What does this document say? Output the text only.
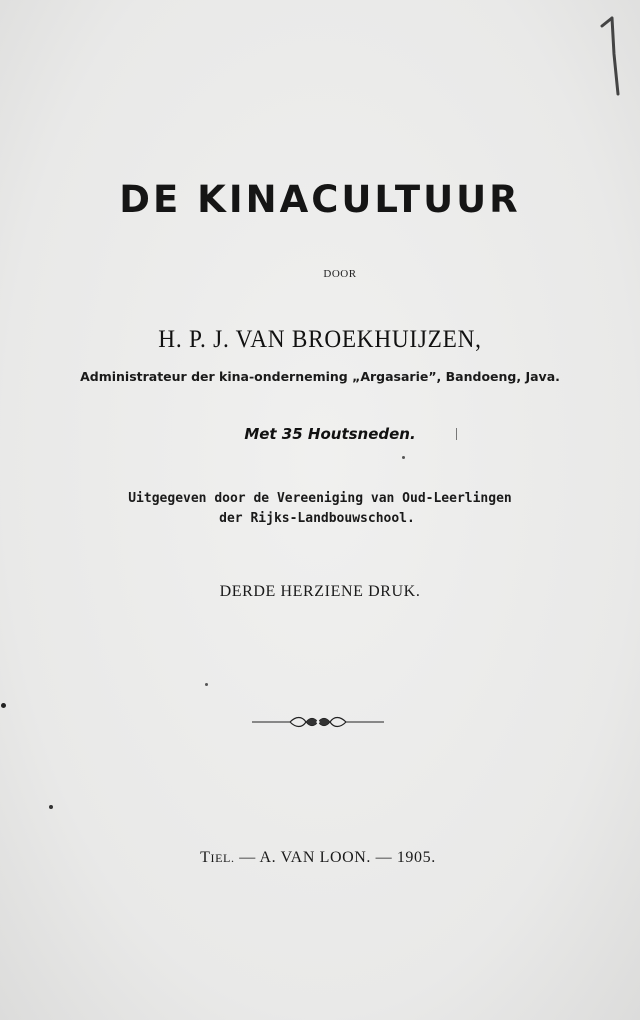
DE KINACULTUUR
DOOR
H. P. J. VAN BROEKHUIJZEN,
Administrateur der kina-onderneming „Argasarie”, Bandoeng, Java.
Met 35 Houtsneden.
Uitgegeven door de Vereeniging van Oud-Leerlingen
der Rijks-Landbouwschool.
DERDE HERZIENE DRUK.
TIEL. — A. VAN LOON. — 1905.
